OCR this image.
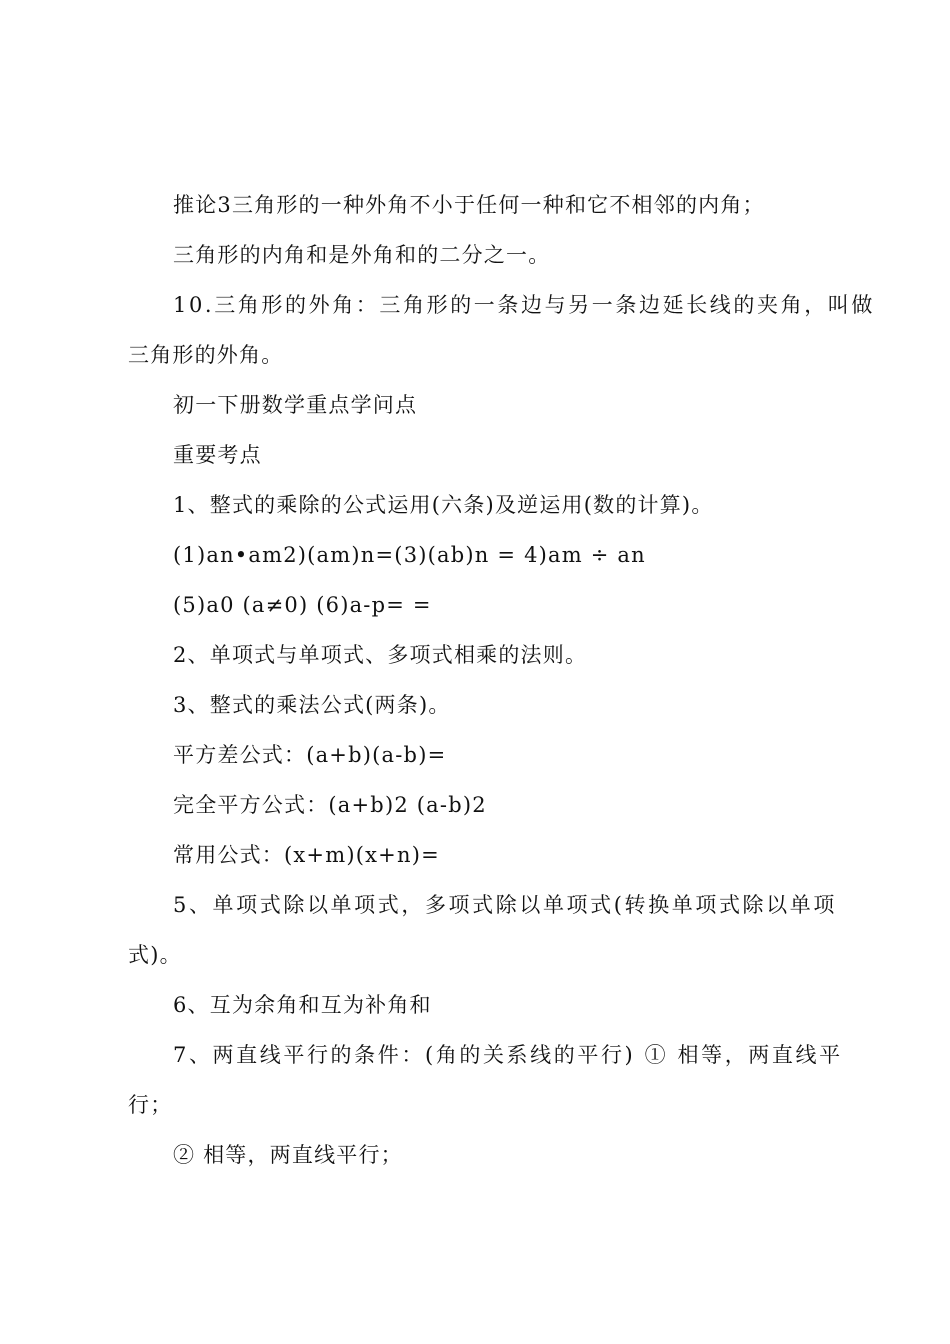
推论3三角形的一种外角不小于任何一种和它不相邻的内角；
三角形的内角和是外角和的二分之一。
10.三角形的外角：三角形的一条边与另一条边延长线的夹角，叫做
三角形的外角。
初一下册数学重点学问点
重要考点
1、整式的乘除的公式运用(六条)及逆运用(数的计算)。
(1)an•am2)(am)n=(3)(ab)n = 4)am ÷ an
(5)a0 (a≠0) (6)a-p= =
2、单项式与单项式、多项式相乘的法则。
3、整式的乘法公式(两条)。
平方差公式：(a+b)(a-b)=
完全平方公式：(a+b)2 (a-b)2
常用公式：(x+m)(x+n)=
5、单项式除以单项式，多项式除以单项式(转换单项式除以单项
式)。
6、互为余角和互为补角和
7、两直线平行的条件：(角的关系线的平行) ① 相等，两直线平
行；
② 相等，两直线平行；
